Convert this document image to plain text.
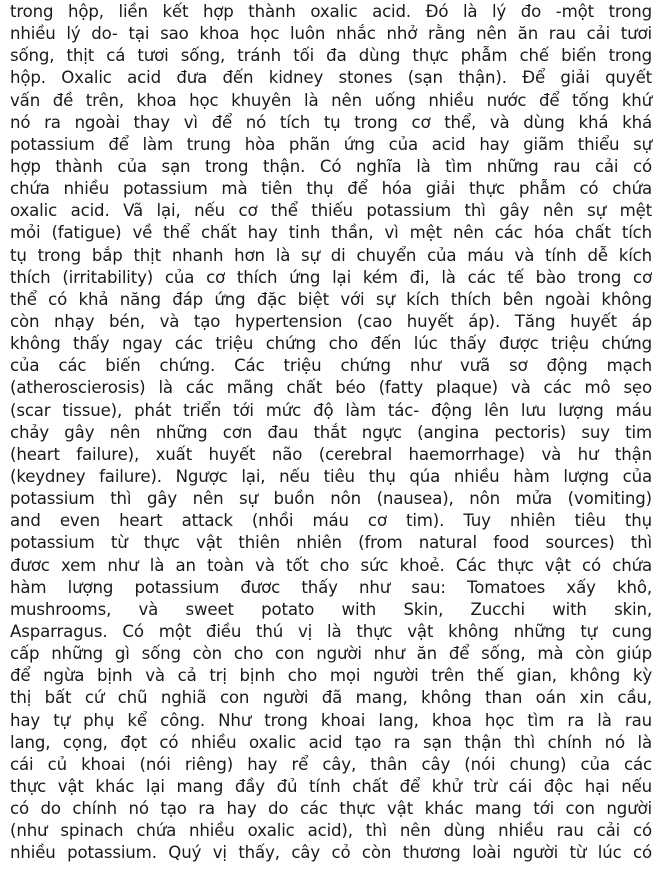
trong hộp, liền kết hợp thành oxalic acid. Đó là lý đo -một trong
nhiều lý do- tại sao khoa học luôn nhắc nhở rằng nên ăn rau cải tươi
sống, thịt cá tươi sống, tránh tối đa dùng thực phẫm chế biến trong
hộp. Oxalic acid đưa đến kidney stones (sạn thận). Để giải quyết
vấn đề trên, khoa học khuyên là nên uống nhiều nước để tống khứ
nó ra ngoài thay vì để nó tích tụ trong cơ thể, và dùng khá khá
potassium để làm trung hòa phãn ứng của acid hay giãm thiểu sự
hợp thành của sạn trong thận. Có nghĩa là tìm những rau cải có
chứa nhiều potassium mà tiên thụ để hóa giải thực phẫm có chứa
oxalic acid. Vã lại, nếu cơ thể thiếu potassium thì gây nên sự mệt
mỏi (fatigue) về thể chất hay tinh thần, vì mệt nên các hóa chất tích
tụ trong bắp thịt nhanh hơn là sự di chuyển của máu và tính dễ kích
thích (irritability) của cơ thích ứng lại kém đi, là các tế bào trong cơ
thể có khả năng đáp ứng đặc biệt với sự kích thích bên ngoài không
còn nhạy bén, và tạo hypertension (cao huyết áp). Tăng huyết áp
không thấy ngay các triệu chứng cho đến lúc thấy được triệu chứng
của các biến chứng. Các triệu chứng như vưã sơ động mạch
(atheroscierosis) là các mãng chất béo (fatty plaque) và các mô sẹo
(scar tissue), phát triển tới mức độ làm tác- động lên lưu lượng máu
chảy gây nên những cơn đau thắt ngực (angina pectoris) suy tim
(heart failure), xuất huyết não (cerebral haemorrhage) và hư thận
(keydney failure). Ngược lại, nếu tiêu thụ qúa nhiều hàm lượng của
potassium thì gây nên sự buồn nôn (nausea), nôn mửa (vomiting)
and even heart attack (nhồi máu cơ tim). Tuy nhiên tiêu thụ
potassium từ thực vật thiên nhiên (from natural food sources) thì
đươc xem như là an toàn và tốt cho sức khoẻ. Các thực vật có chứa
hàm lượng potassium đươc thấy như sau: Tomatoes xấy khô,
mushrooms, và sweet potato with Skin, Zucchi with skin,
Asparragus. Có một điều thú vị là thực vật không những tự cung
cấp những gì sống còn cho con người như ăn để sống, mà còn giúp
để ngừa bịnh và cả trị bịnh cho mọi người trên thế gian, không kỳ
thị bất cứ chũ nghiã con người đã mang, không than oán xin cầu,
hay tự phụ kể công. Như trong khoai lang, khoa học tìm ra là rau
lang, cọng, đọt có nhiều oxalic acid tạo ra sạn thận thì chính nó là
cái củ khoai (nói riêng) hay rể cây, thân cây (nói chung) của các
thực vật khác lại mang đầy đủ tính chất để khử trừ cái độc hại nếu
có do chính nó tạo ra hay do các thực vật khác mang tới con người
(như spinach chứa nhiều oxalic acid), thì nên dùng nhiều rau cải có
nhiều potassium. Quý vị thấy, cây cỏ còn thương loài người từ lúc có
